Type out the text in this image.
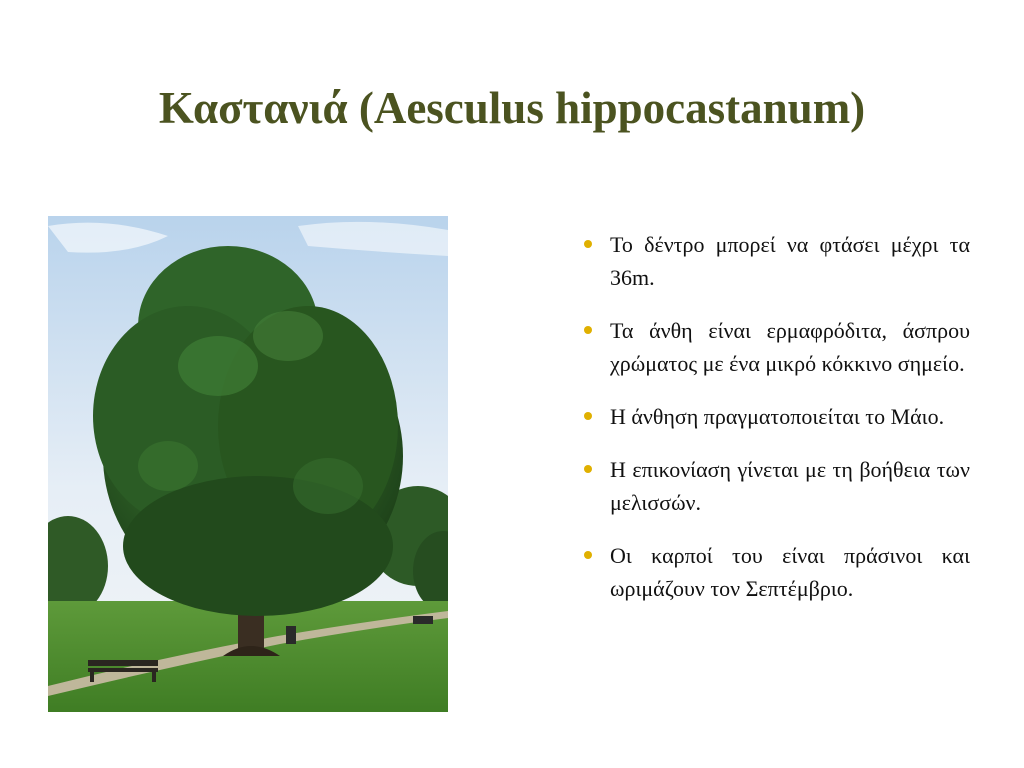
Καστανιά (Aesculus hippocastanum)
Το δέντρο μπορεί να φτάσει μέχρι τα 36m.
Τα άνθη είναι ερμαφρόδιτα, άσπρου χρώματος με ένα μικρό κόκκινο σημείο.
Η άνθηση πραγματοποιείται το Μάιο.
Η επικονίαση γίνεται με τη βοήθεια των μελισσών.
Οι καρποί του είναι πράσινοι και ωριμάζουν τον Σεπτέμβριο.
